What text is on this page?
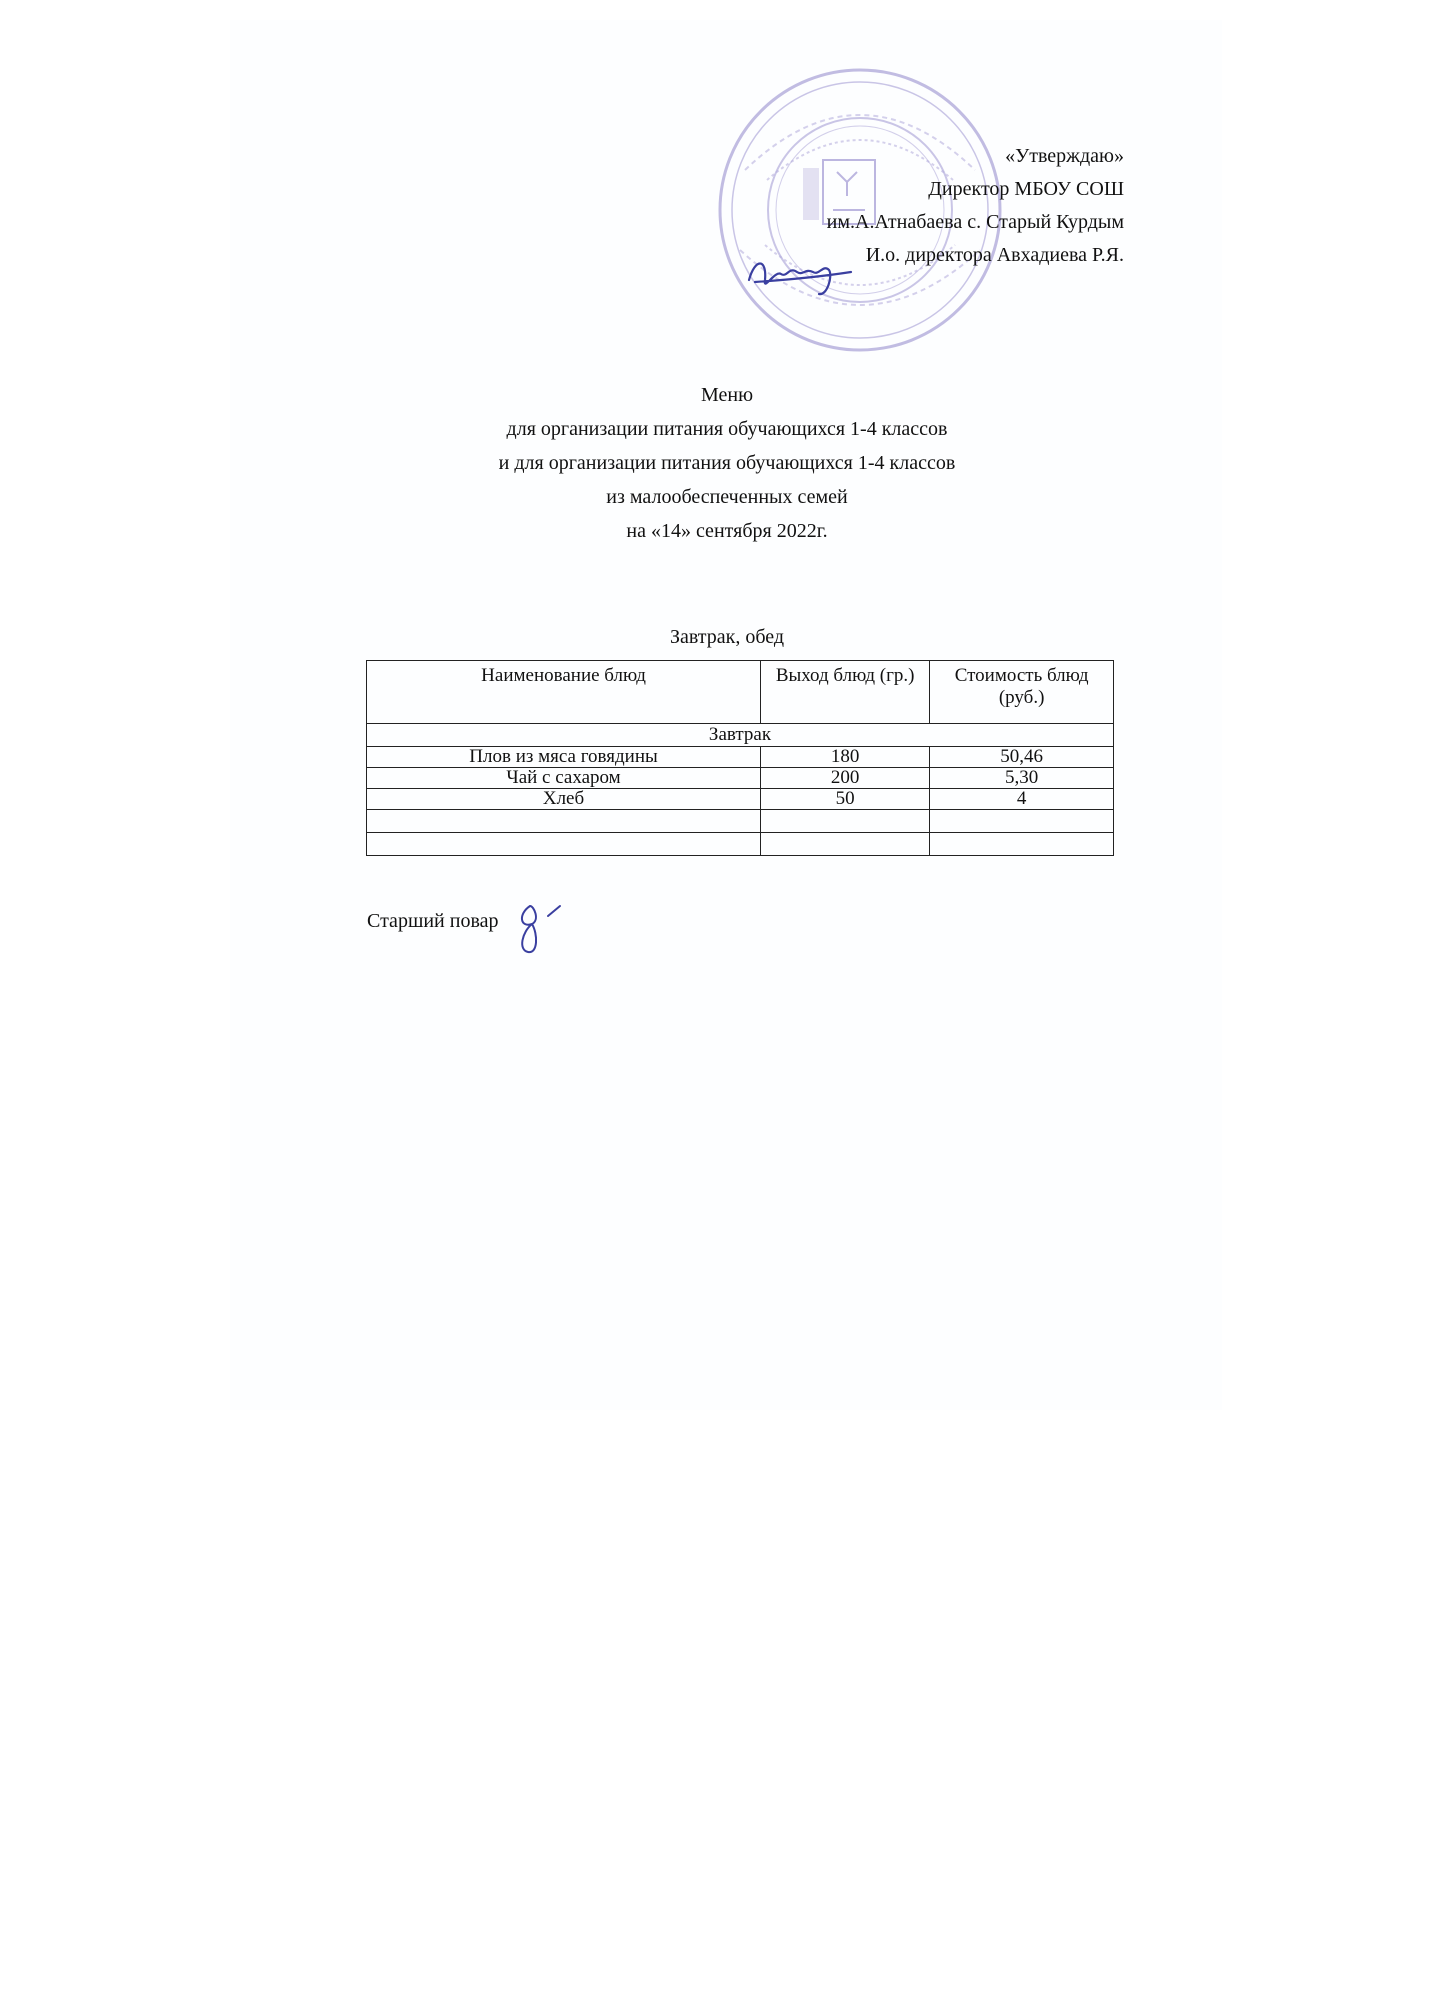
«Утверждаю»
Директор МБОУ СОШ
им.А.Атнабаева с. Старый Курдым
И.о. директора Авхадиева Р.Я.
Меню
для организации питания обучающихся 1-4 классов
и для организации питания обучающихся 1-4 классов
из малообеспеченных семей
на «14» сентября 2022г.
Завтрак, обед
Наименование блюд	Выход блюд (гр.)	Стоимость блюд (руб.)
Завтрак		
Плов из мяса говядины	180	50,46
Чай с сахаром	200	5,30
Хлеб	50	4

Старший повар
